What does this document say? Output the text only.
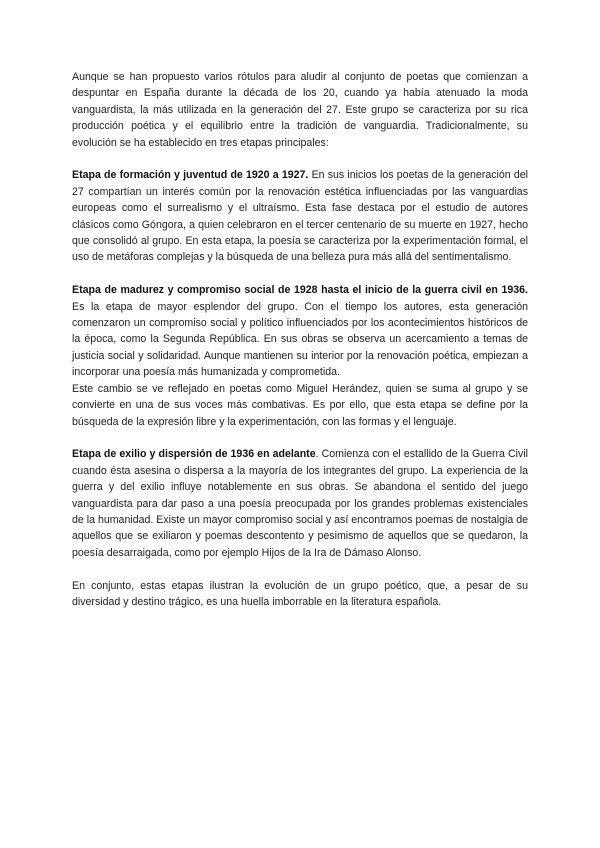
Aunque se han propuesto varios rótulos para aludir al conjunto de poetas que comienzan a despuntar en España durante la década de los 20, cuando ya había atenuado la moda vanguardista, la más utilizada en la generación del 27. Este grupo se caracteriza por su rica producción poética y el equilibrio entre la tradición de vanguardia. Tradicionalmente, su evolución se ha establecido en tres etapas principales:

Etapa de formación y juventud de 1920 a 1927. En sus inicios los poetas de la generación del 27 compartían un interés común por la renovación estética influenciadas por las vanguardias europeas como el surrealismo y el ultraísmo. Esta fase destaca por el estudio de autores clásicos como Góngora, a quien celebraron en el tercer centenario de su muerte en 1927, hecho que consolidó al grupo. En esta etapa, la poesía se caracteriza por la experimentación formal, el uso de metáforas complejas y la búsqueda de una belleza pura más allá del sentimentalismo.

Etapa de madurez y compromiso social de 1928 hasta el inicio de la guerra civil en 1936. Es la etapa de mayor esplendor del grupo. Con el tiempo los autores, esta generación comenzaron un compromiso social y político influenciados por los acontecimientos históricos de la época, como la Segunda República. En sus obras se observa un acercamiento a temas de justicia social y solidaridad. Aunque mantienen su interior por la renovación poética, empiezan a incorporar una poesía más humanizada y comprometida.

Este cambio se ve reflejado en poetas como Miguel Herández, quien se suma al grupo y se convierte en una de sus voces más combativas. Es por ello, que esta etapa se define por la búsqueda de la expresión libre y la experimentación, con las formas y el lenguaje.

Etapa de exilio y dispersión de 1936 en adelante. Comienza con el estallido de la Guerra Civil cuando ésta asesina o dispersa a la mayoría de los integrantes del grupo. La experiencia de la guerra y del exilio influye notablemente en sus obras. Se abandona el sentido del juego vanguardista para dar paso a una poesía preocupada por los grandes problemas existenciales de la humanidad. Existe un mayor compromiso social y así encontramos poemas de nostalgia de aquellos que se exiliaron y poemas descontento y pesimismo de aquellos que se quedaron, la poesía desarraigada, como por ejemplo Hijos de la Ira de Dámaso Alonso.

En conjunto, estas etapas ilustran la evolución de un grupo poético, que, a pesar de su diversidad y destino trágico, es una huella imborrable en la literatura española.
